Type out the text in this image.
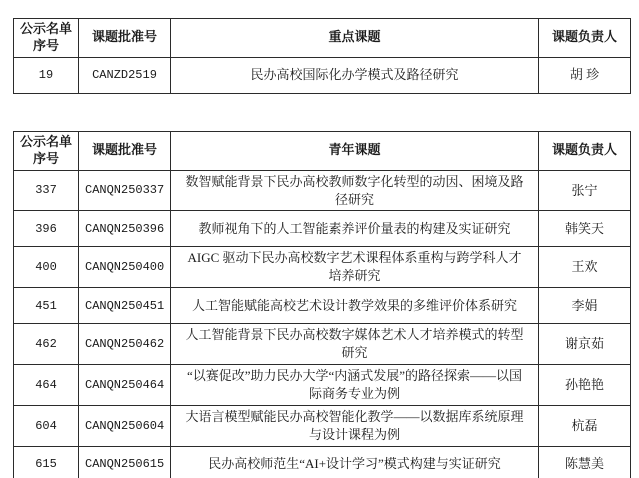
公示名单序号	课题批准号	重点课题	课题负责人
19	CANZD2519	民办高校国际化办学模式及路径研究	胡 珍
公示名单序号	课题批准号	青年课题	课题负责人
337	CANQN250337	数智赋能背景下民办高校教师数字化转型的动因、困境及路径研究	张宁
396	CANQN250396	教师视角下的人工智能素养评价量表的构建及实证研究	韩笑天
400	CANQN250400	AIGC 驱动下民办高校数字艺术课程体系重构与跨学科人才培养研究	王欢
451	CANQN250451	人工智能赋能高校艺术设计教学效果的多维评价体系研究	李娟
462	CANQN250462	人工智能背景下民办高校数字媒体艺术人才培养模式的转型研究	谢京茹
464	CANQN250464	“以赛促改”助力民办大学“内涵式发展”的路径探索——以国际商务专业为例	孙艳艳
604	CANQN250604	大语言模型赋能民办高校智能化教学——以数据库系统原理与设计课程为例	杭磊
615	CANQN250615	民办高校师范生“AI+设计学习”模式构建与实证研究	陈慧美
